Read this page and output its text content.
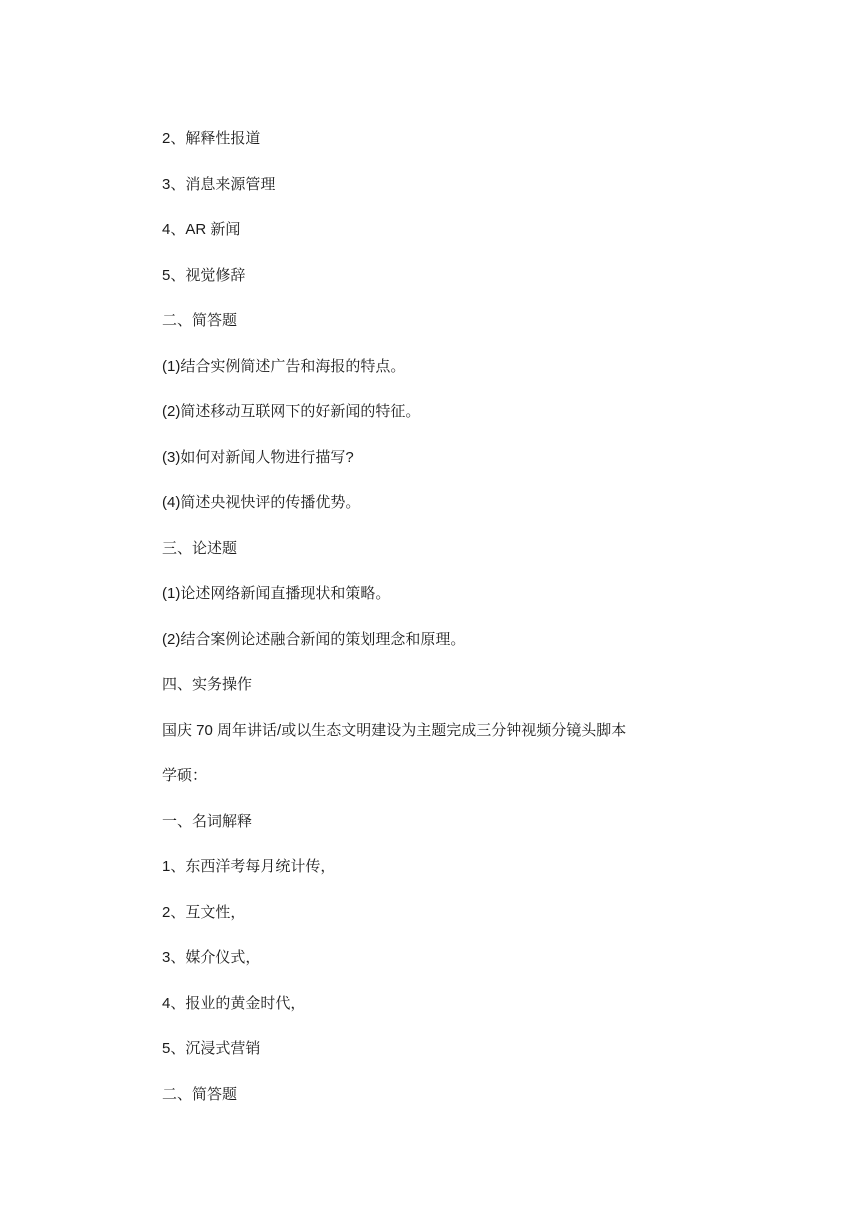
2、解释性报道
3、消息来源管理
4、AR 新闻
5、视觉修辞
二、简答题
(1)结合实例简述广告和海报的特点。
(2)简述移动互联网下的好新闻的特征。
(3)如何对新闻人物进行描写?
(4)简述央视快评的传播优势。
三、论述题
(1)论述网络新闻直播现状和策略。
(2)结合案例论述融合新闻的策划理念和原理。
四、实务操作
国庆 70 周年讲话/或以生态文明建设为主题完成三分钟视频分镜头脚本
学硕：
一、名词解释
1、东西洋考每月统计传，
2、互文性，
3、媒介仪式，
4、报业的黄金时代，
5、沉浸式营销
二、简答题
